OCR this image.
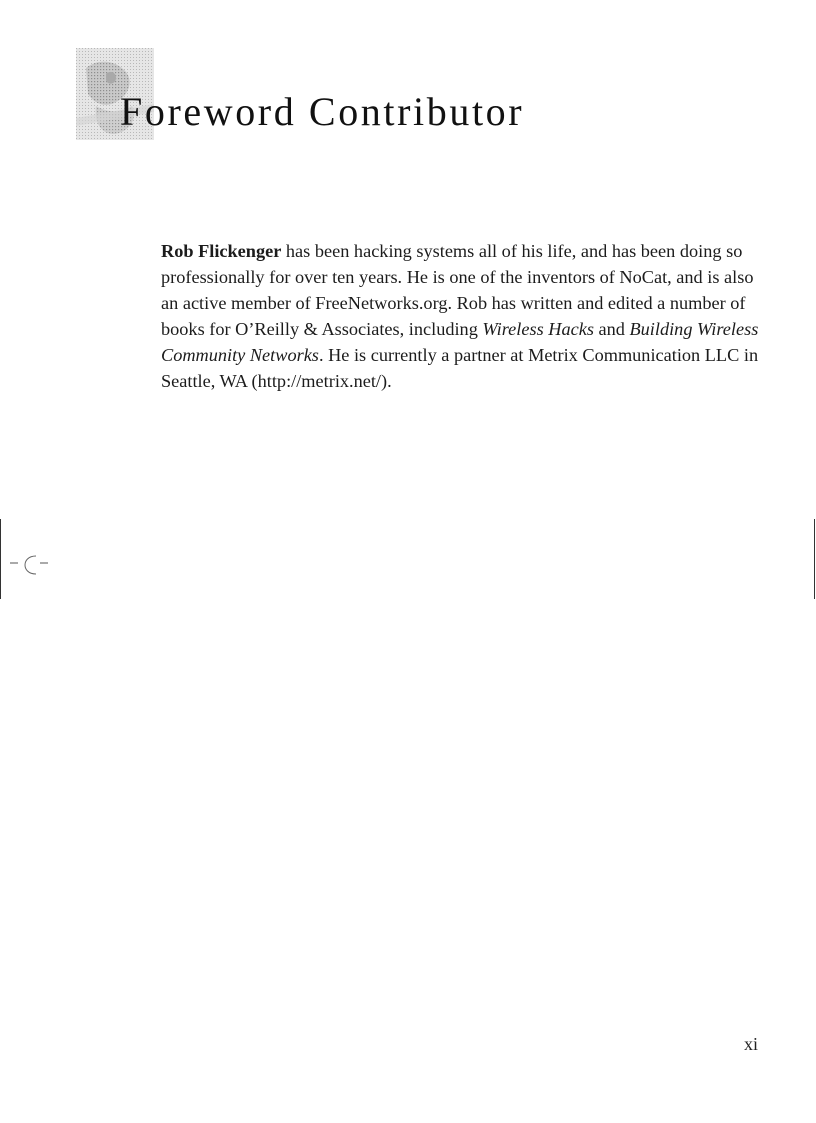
Foreword Contributor

Rob Flickenger has been hacking systems all of his life, and has been doing so professionally for over ten years. He is one of the inventors of NoCat, and is also an active member of FreeNetworks.org. Rob has written and edited a number of books for O’Reilly & Associates, including Wireless Hacks and Building Wireless Community Networks. He is currently a partner at Metrix Communication LLC in Seattle, WA (http://metrix.net/).

xi
